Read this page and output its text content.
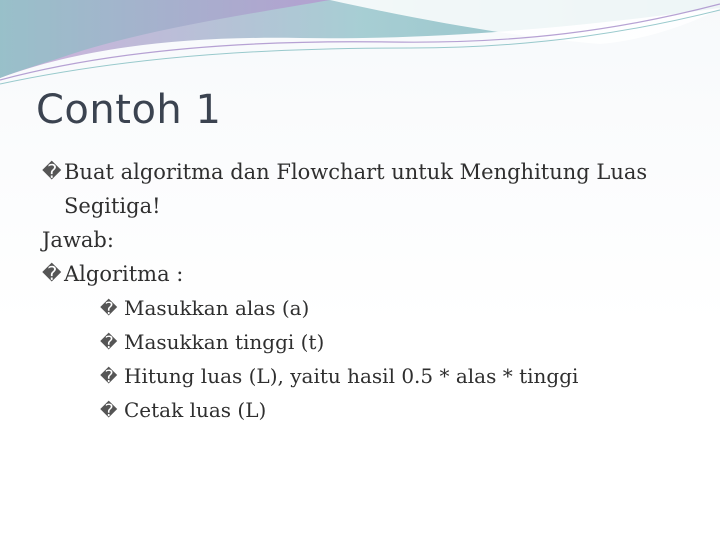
Contoh 1
� Buat algoritma dan Flowchart untuk Menghitung Luas
Segitiga!
Jawab:
� Algoritma :
� Masukkan alas (a)
� Masukkan tinggi (t)
� Hitung luas (L), yaitu hasil 0.5 * alas * tinggi
� Cetak luas (L)
